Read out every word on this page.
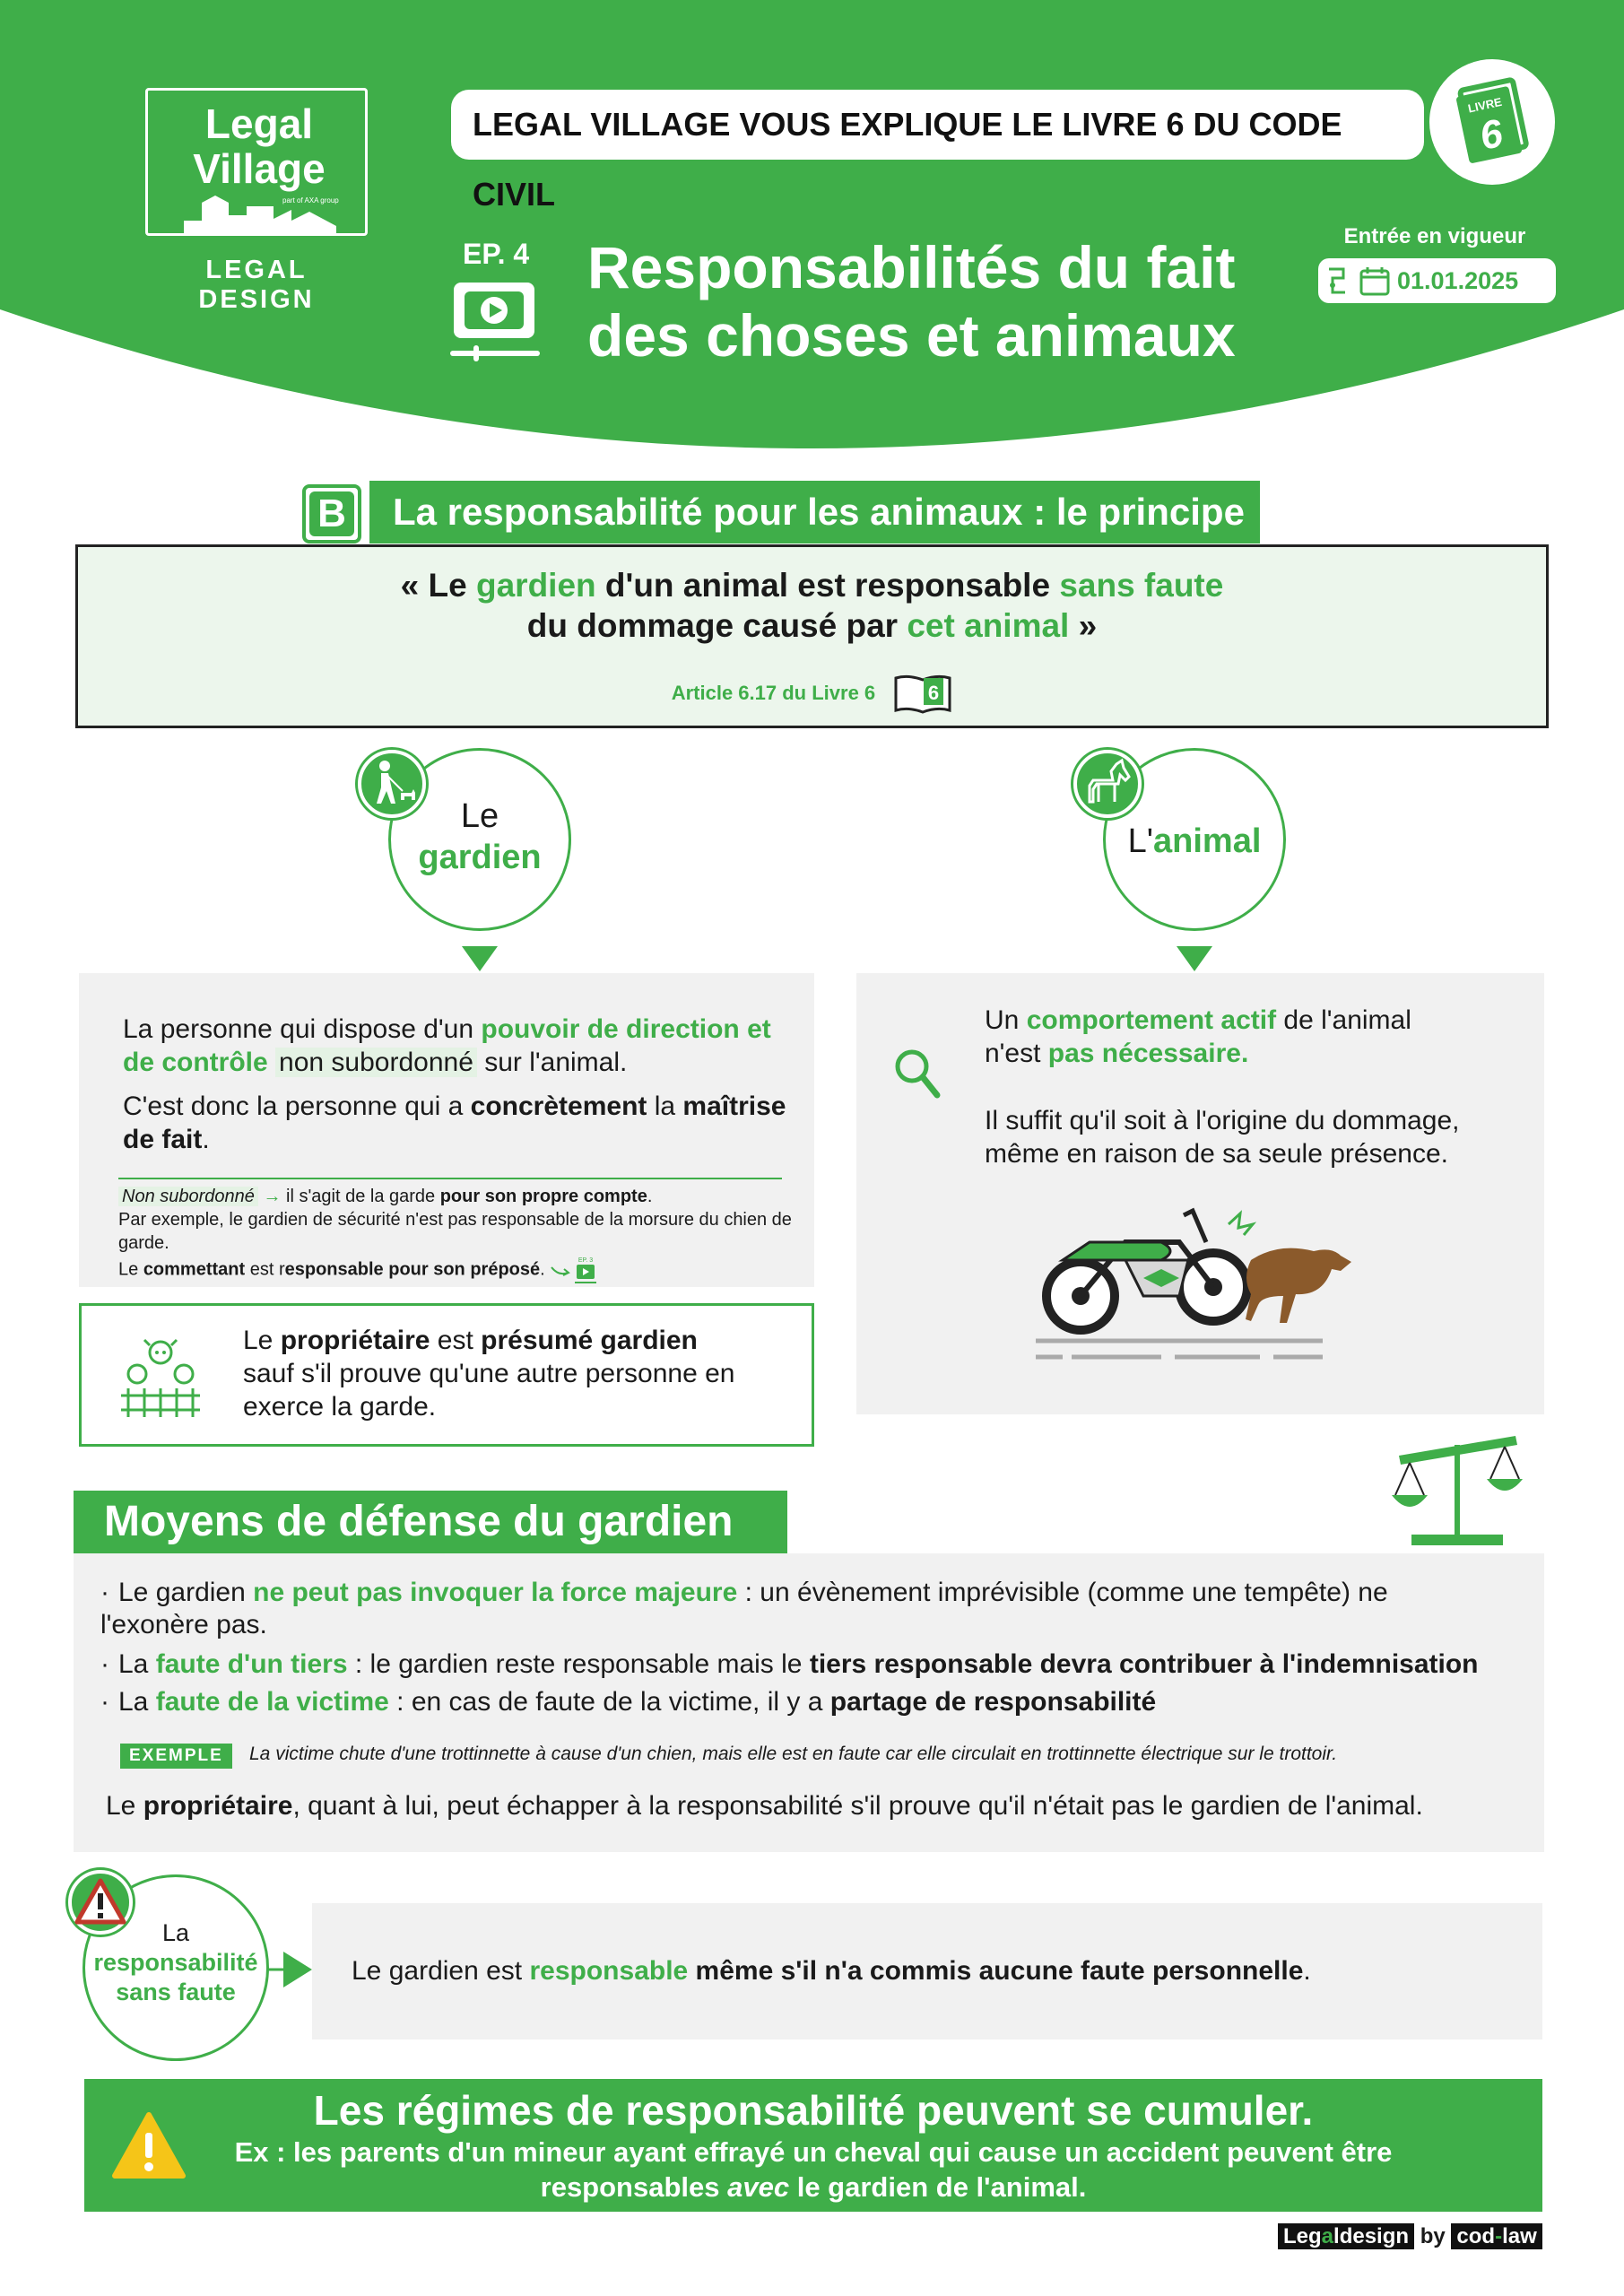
Legal Village
part of AXA group
LEGAL DESIGN
LEGAL VILLAGE VOUS EXPLIQUE LE LIVRE 6 DU CODE CIVIL
LIVRE
6
EP. 4 Responsabilités du fait
des choses et animaux
Entrée en vigueur
01.01.2025
B	La responsabilité pour les animaux : le principe
« Le gardien d'un animal est responsable sans faute
du dommage causé par cet animal »
Article 6.17 du Livre 6	6
Le
gardien
La personne qui dispose d'un pouvoir de direction et de contrôle non subordonné sur l'animal.
C'est donc la personne qui a concrètement la maîtrise de fait.
Non subordonné → il s'agit de la garde pour son propre compte.
Par exemple, le gardien de sécurité n'est pas responsable de la morsure du chien de garde.
Le commettant est responsable pour son préposé.	EP. 3
Le propriétaire est présumé gardien
sauf s'il prouve qu'une autre personne en exerce la garde.
L'animal
Un comportement actif de l'animal
n'est pas nécessaire.
Il suffit qu'il soit à l'origine du dommage, même en raison de sa seule présence.
Moyens de défense du gardien
· Le gardien ne peut pas invoquer la force majeure : un évènement imprévisible (comme une tempête) ne l'exonère pas.
· La faute d'un tiers : le gardien reste responsable mais le tiers responsable devra contribuer à l'indemnisation
· La faute de la victime : en cas de faute de la victime, il y a partage de responsabilité
EXEMPLE	La victime chute d'une trottinnette à cause d'un chien, mais elle est en faute car elle circulait en trottinnette électrique sur le trottoir.
Le propriétaire, quant à lui, peut échapper à la responsabilité s'il prouve qu'il n'était pas le gardien de l'animal.
La
responsabilité
sans faute
Le gardien est responsable même s'il n'a commis aucune faute personnelle.
Les régimes de responsabilité peuvent se cumuler.
Ex : les parents d'un mineur ayant effrayé un cheval qui cause un accident peuvent être
responsables avec le gardien de l'animal.
Legaldesign by cod-law
